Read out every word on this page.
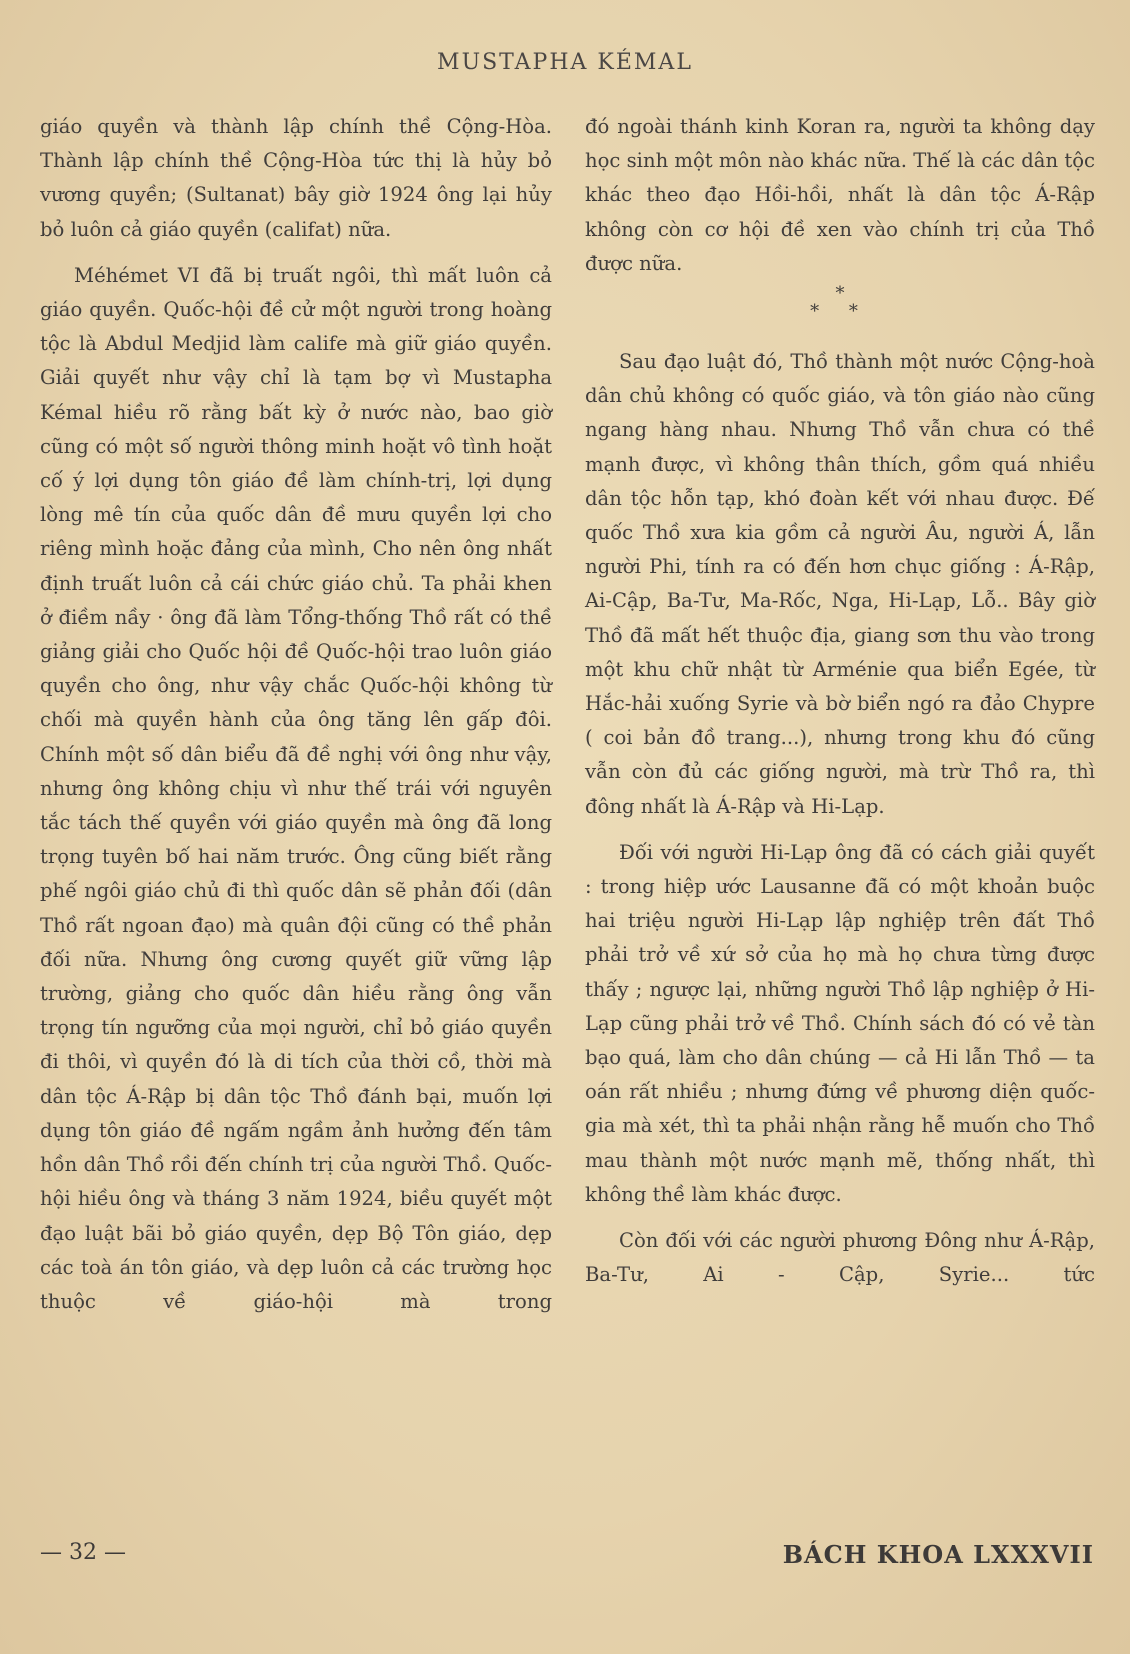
MUSTAPHA KÉMAL

giáo quyền và thành lập chính thề Cộng-Hòa. Thành lập chính thề Cộng-Hòa tức thị là hủy bỏ vương quyền; (Sultanat) bây giờ 1924 ông lại hủy bỏ luôn cả giáo quyền (califat) nữa.

Méhémet VI đã bị truất ngôi, thì mất luôn cả giáo quyền. Quốc-hội đề cử một người trong hoàng tộc là Abdul Medjid làm calife mà giữ giáo quyền. Giải quyết như vậy chỉ là tạm bợ vì Mustapha Kémal hiều rõ rằng bất kỳ ở nước nào, bao giờ cũng có một số người thông minh hoặt vô tình hoặt cố ý lợi dụng tôn giáo đề làm chính-trị, lợi dụng lòng mê tín của quốc dân đề mưu quyền lợi cho riêng mình hoặc đảng của mình, Cho nên ông nhất định truất luôn cả cái chức giáo chủ. Ta phải khen ở điềm nầy · ông đã làm Tổng-thống Thồ rất có thề giảng giải cho Quốc hội đề Quốc-hội trao luôn giáo quyền cho ông, như vậy chắc Quốc-hội không từ chối mà quyền hành của ông tăng lên gấp đôi. Chính một số dân biểu đã đề nghị với ông như vậy, nhưng ông không chịu vì như thế trái với nguyên tắc tách thế quyền với giáo quyền mà ông đã long trọng tuyên bố hai năm trước. Ông cũng biết rằng phế ngôi giáo chủ đi thì quốc dân sẽ phản đối (dân Thồ rất ngoan đạo) mà quân đội cũng có thề phản đối nữa. Nhưng ông cương quyết giữ vững lập trường, giảng cho quốc dân hiều rằng ông vẫn trọng tín ngưỡng của mọi người, chỉ bỏ giáo quyền đi thôi, vì quyền đó là di tích của thời cồ, thời mà dân tộc Á-Rập bị dân tộc Thồ đánh bại, muốn lợi dụng tôn giáo đề ngấm ngầm ảnh hưởng đến tâm hồn dân Thồ rồi đến chính trị của người Thồ. Quốc-hội hiều ông và tháng 3 năm 1924, biều quyết một đạo luật bãi bỏ giáo quyền, dẹp Bộ Tôn giáo, dẹp các toà án tôn giáo, và dẹp luôn cả các trường học thuộc về giáo-hội mà trong

đó ngoài thánh kinh Koran ra, người ta không dạy học sinh một môn nào khác nữa. Thế là các dân tộc khác theo đạo Hồi-hồi, nhất là dân tộc Á-Rập không còn cơ hội đề xen vào chính trị của Thồ được nữa.

*
* *

Sau đạo luật đó, Thồ thành một nước Cộng-hoà dân chủ không có quốc giáo, và tôn giáo nào cũng ngang hàng nhau. Nhưng Thồ vẫn chưa có thề mạnh được, vì không thân thích, gồm quá nhiều dân tộc hỗn tạp, khó đoàn kết với nhau được. Đế quốc Thồ xưa kia gồm cả người Âu, người Á, lẫn người Phi, tính ra có đến hơn chục giống : Á-Rập, Ai-Cập, Ba-Tư, Ma-Rốc, Nga, Hi-Lạp, Lỗ.. Bây giờ Thồ đã mất hết thuộc địa, giang sơn thu vào trong một khu chữ nhật từ Arménie qua biển Egée, từ Hắc-hải xuống Syrie và bờ biển ngó ra đảo Chypre ( coi bản đồ trang...), nhưng trong khu đó cũng vẫn còn đủ các giống người, mà trừ Thồ ra, thì đông nhất là Á-Rập và Hi-Lạp.

Đối với người Hi-Lạp ông đã có cách giải quyết : trong hiệp ước Lausanne đã có một khoản buộc hai triệu người Hi-Lạp lập nghiệp trên đất Thồ phải trở về xứ sở của họ mà họ chưa từng được thấy ; ngược lại, những người Thồ lập nghiệp ở Hi-Lạp cũng phải trở về Thồ. Chính sách đó có vẻ tàn bạo quá, làm cho dân chúng — cả Hi lẫn Thồ — ta oán rất nhiều ; nhưng đứng về phương diện quốc-gia mà xét, thì ta phải nhận rằng hễ muốn cho Thồ mau thành một nước mạnh mẽ, thống nhất, thì không thề làm khác được.

Còn đối với các người phương Đông như Á-Rập, Ba-Tư, Ai - Cập, Syrie... tức

— 32 —	BÁCH KHOA LXXXVII
